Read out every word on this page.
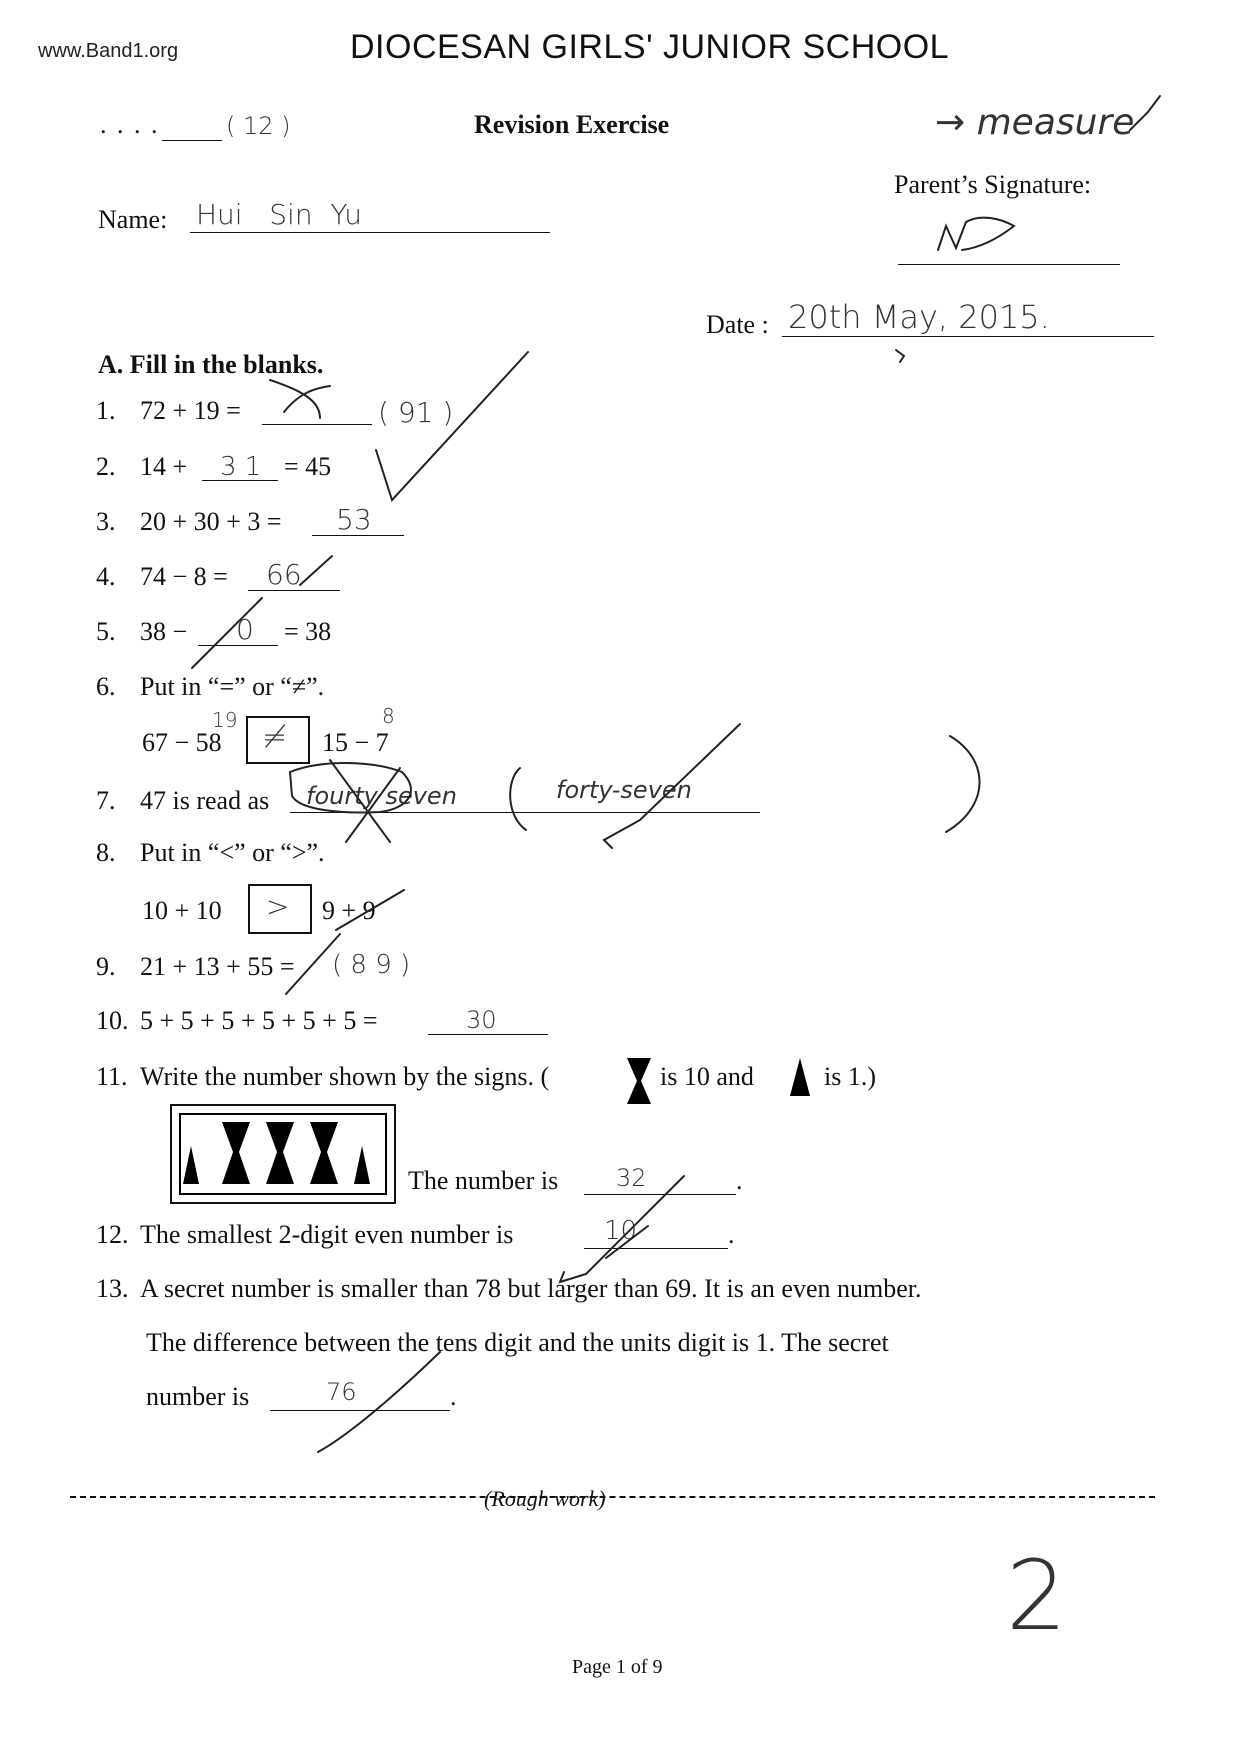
www.Band1.org	DIOCESAN GIRLS' JUNIOR SCHOOL
. . . .	( 12 )	Revision Exercise	→ measure
Name: Hui   Sin  Yu
Parent’s Signature:
Date : 20th May, 2015.
A. Fill in the blanks.
1. 72 + 19 =	( 91 )
2. 14 + 3 1 = 45
3. 20 + 30 + 3 = 53
4. 74 − 8 = 66
5. 38 − 0 = 38
6. Put in “=” or “≠”.
19	8
67 − 58 ≠ 15 − 7
7. 47 is read as fourty seven	forty-seven
8. Put in “<” or “>”.
10 + 10 > 9 + 9
9. 21 + 13 + 55 = ( 8 9 )
10. 5 + 5 + 5 + 5 + 5 + 5 =	30
11. Write the number shown by the signs. (	is 10 and	is 1.)
The number is 32	.
12. The smallest 2-digit even number is	10	.
13. A secret number is smaller than 78 but larger than 69. It is an even number.
The difference between the tens digit and the units digit is 1. The secret
number is	76	.
(Rough work)
2
Page 1 of 9
